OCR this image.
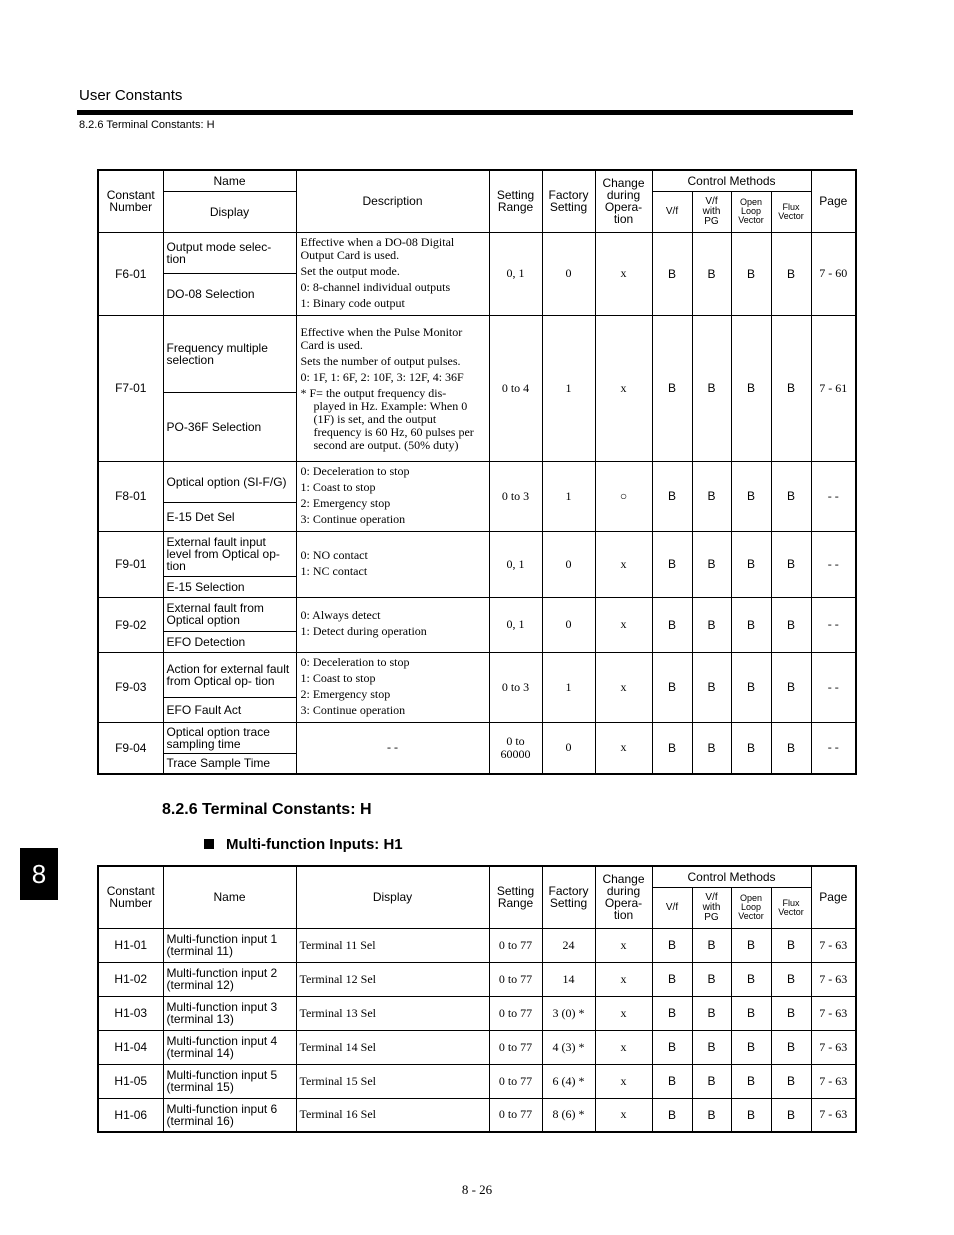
User Constants
8.2.6 Terminal Constants: H
Constant Number	Name	Description	Setting Range	Factory Setting	Change during Opera- tion	Control Methods				Page
	Display					V/f	V/f with PG	Open Loop Vector	Flux Vector	
F6-01	Output mode selec- tion	Effective when a DO-08 Digital Output Card is used.
Set the output mode.
0: 8-channel individual outputs
1: Binary code output	0, 1	0	x	B	B	B	B	7 - 60
	DO-08 Selection									
F7-01	Frequency multiple selection	Effective when the Pulse Monitor Card is used.
Sets the number of output pulses.
0: 1F, 1: 6F, 2: 10F, 3: 12F, 4: 36F
* F= the output frequency dis-
played in Hz. Example: When 0 (1F) is set, and the output frequency is 60 Hz, 60 pulses per second are output. (50% duty)	0 to 4	1	x	B	B	B	B	7 - 61
	PO-36F Selection									
F8-01	Optical option (SI-F/G)	0: Deceleration to stop
1: Coast to stop
2: Emergency stop
3: Continue operation	0 to 3	1	○	B	B	B	B	- -
	E-15 Det Sel									
F9-01	External fault input level from Optical op- tion	0: NO contact
1: NC contact	0, 1	0	x	B	B	B	B	- -
	E-15 Selection									
F9-02	External fault from Optical option	0: Always detect
1: Detect during operation	0, 1	0	x	B	B	B	B	- -
	EFO Detection									
F9-03	Action for external fault from Optical op- tion	0: Deceleration to stop
1: Coast to stop
2: Emergency stop
3: Continue operation	0 to 3	1	x	B	B	B	B	- -
	EFO Fault Act									
F9-04	Optical option trace sampling time	- -	0 to 60000	0	x	B	B	B	B	- -
	Trace Sample Time									
8.2.6 Terminal Constants: H
Multi-function Inputs: H1
8
Constant Number	Name	Display	Setting Range	Factory Setting	Change during Opera- tion	Control Methods				Page
						V/f	V/f with PG	Open Loop Vector	Flux Vector	
H1-01	Multi-function input 1 (terminal 11)	Terminal 11 Sel	0 to 77	24	x	B	B	B	B	7 - 63
H1-02	Multi-function input 2 (terminal 12)	Terminal 12 Sel	0 to 77	14	x	B	B	B	B	7 - 63
H1-03	Multi-function input 3 (terminal 13)	Terminal 13 Sel	0 to 77	3 (0) *	x	B	B	B	B	7 - 63
H1-04	Multi-function input 4 (terminal 14)	Terminal 14 Sel	0 to 77	4 (3) *	x	B	B	B	B	7 - 63
H1-05	Multi-function input 5 (terminal 15)	Terminal 15 Sel	0 to 77	6 (4) *	x	B	B	B	B	7 - 63
H1-06	Multi-function input 6 (terminal 16)	Terminal 16 Sel	0 to 77	8 (6) *	x	B	B	B	B	7 - 63
8 - 26
